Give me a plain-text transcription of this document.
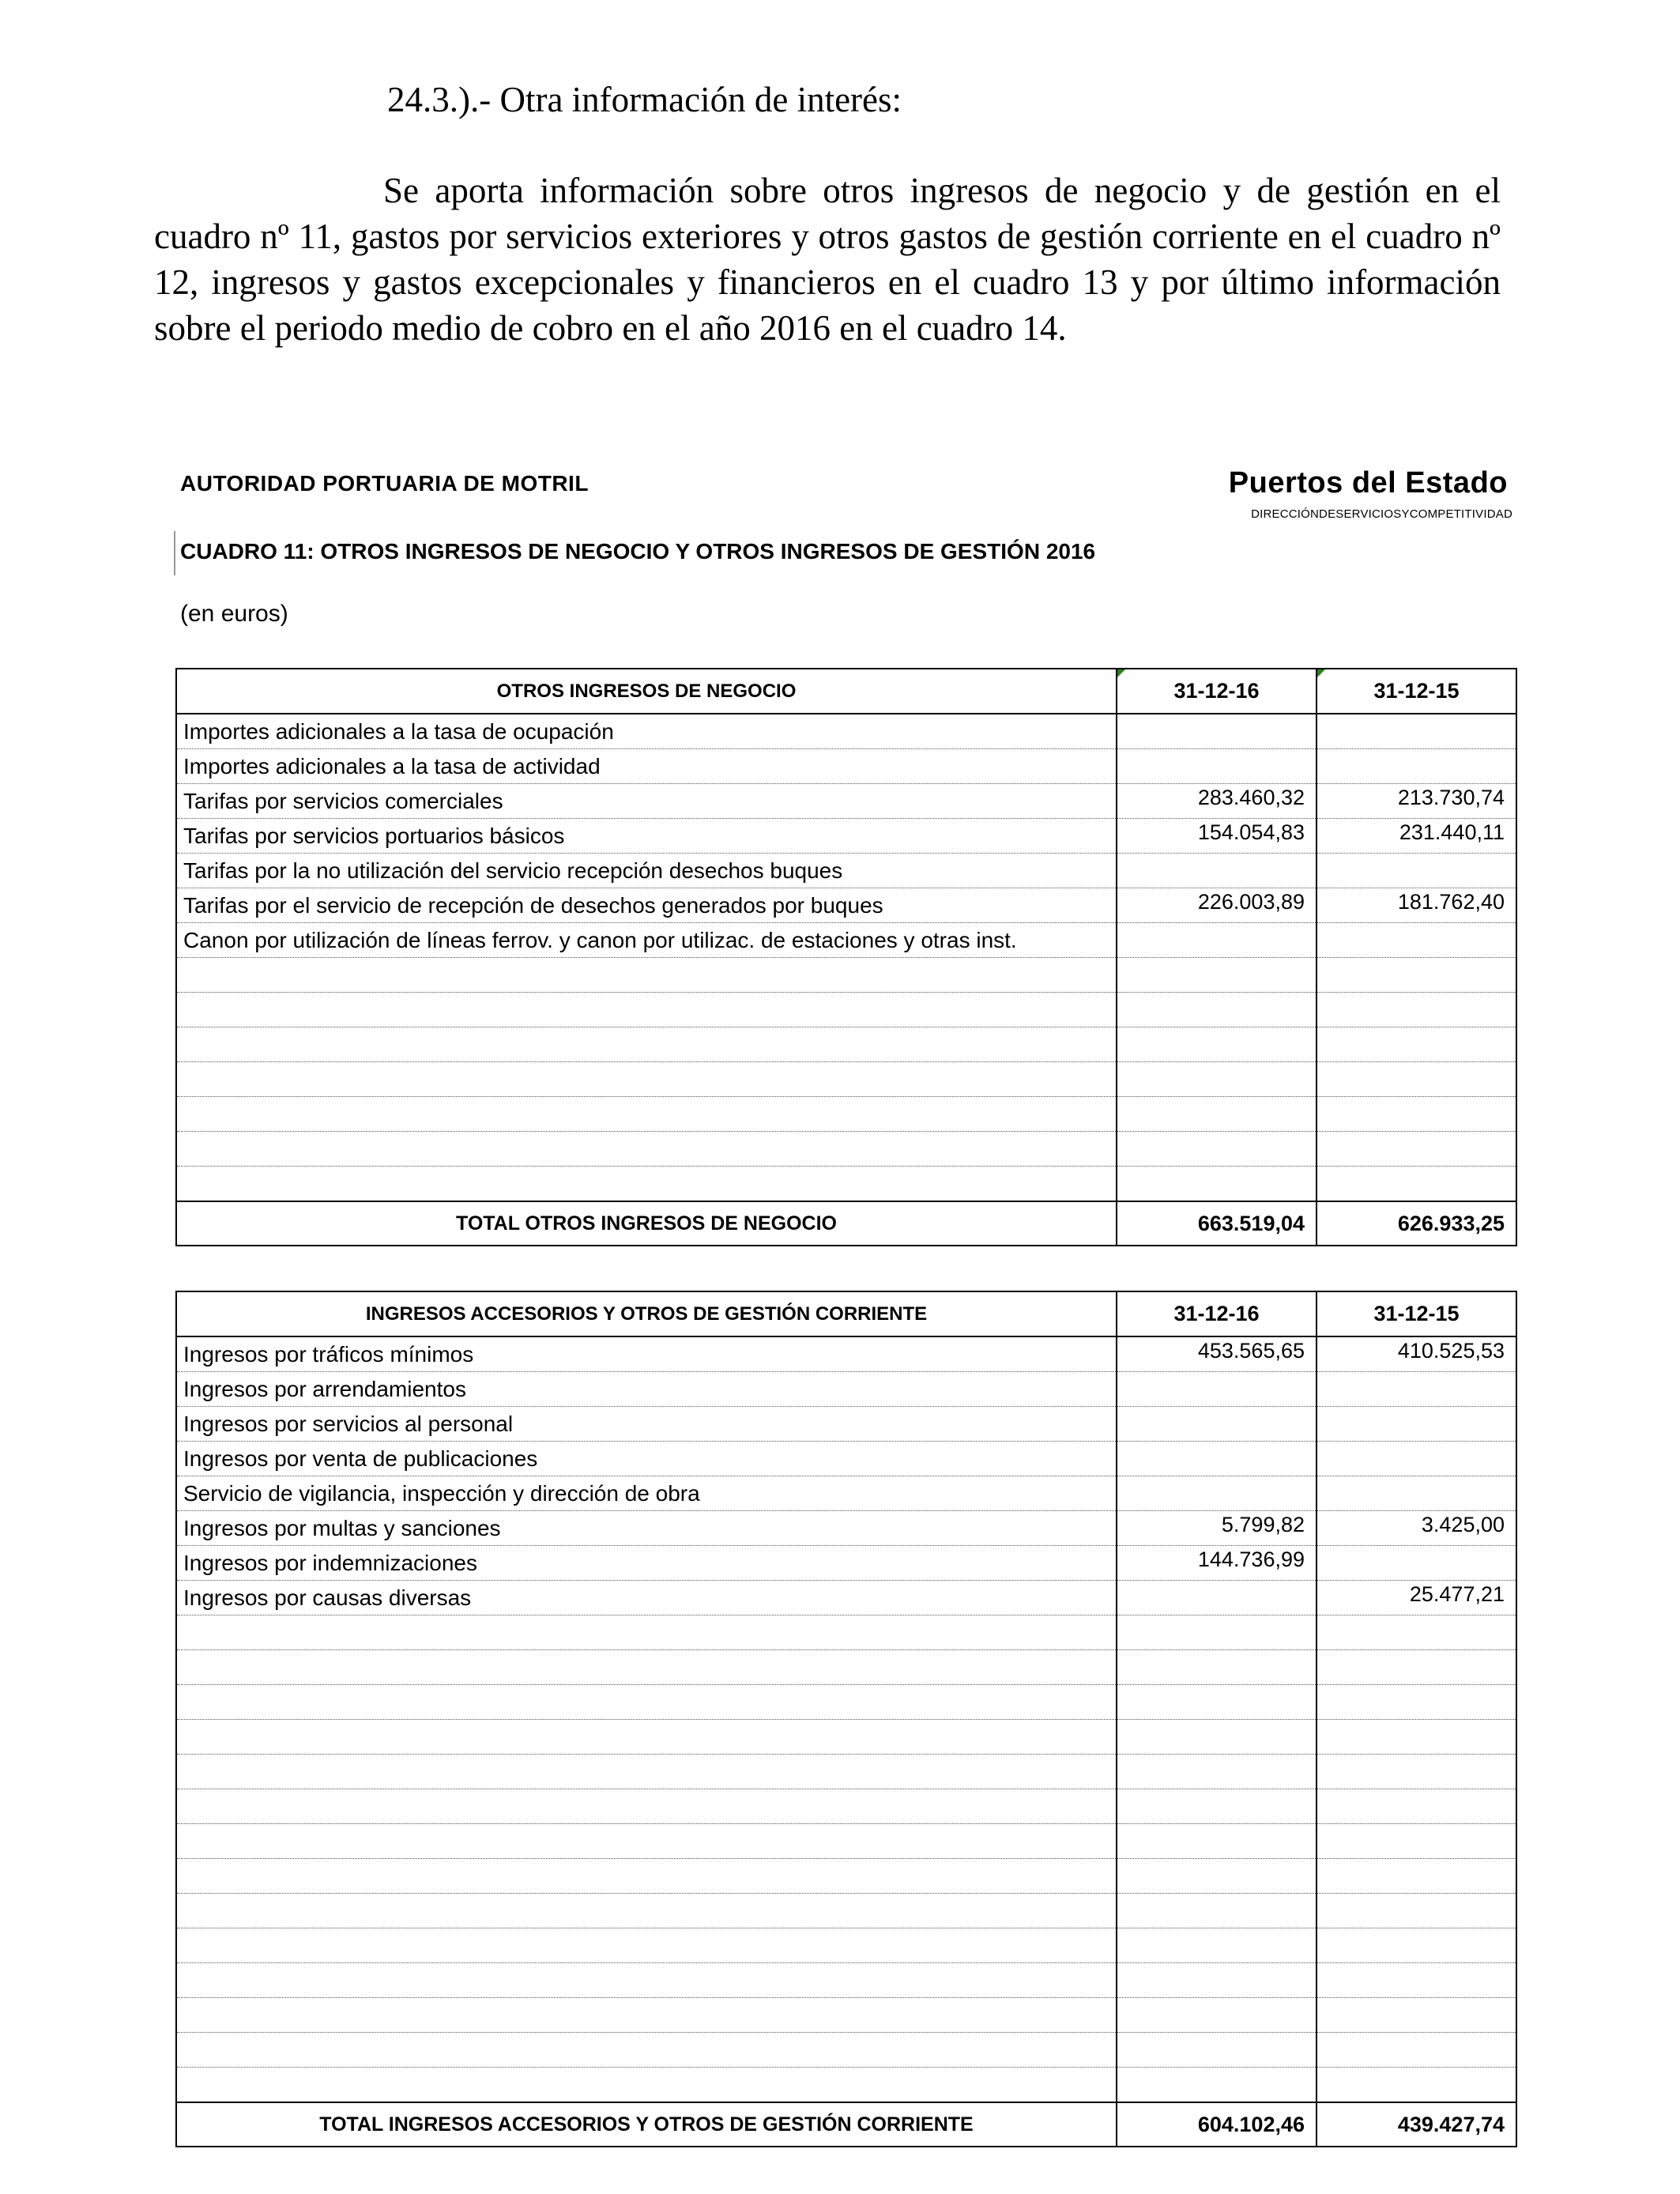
24.3.).- Otra información de interés:
Se aporta información sobre otros ingresos de negocio y de gestión en el cuadro nº 11, gastos por servicios exteriores y otros gastos de gestión corriente en el cuadro nº 12, ingresos y gastos excepcionales y financieros en el cuadro 13 y por último información sobre el periodo medio de cobro en el año 2016 en el cuadro 14.
AUTORIDAD PORTUARIA DE MOTRIL	Puertos del Estado
DIRECCIÓNDESERVICIOSYCOMPETITIVIDAD
CUADRO 11: OTROS INGRESOS DE NEGOCIO Y OTROS INGRESOS DE GESTIÓN 2016
(en euros)
OTROS INGRESOS DE NEGOCIO	31-12-16	31-12-15
Importes adicionales a la tasa de ocupación		
Importes adicionales a la tasa de actividad		
Tarifas por servicios comerciales	283.460,32	213.730,74
Tarifas por servicios portuarios básicos	154.054,83	231.440,11
Tarifas por la no utilización del servicio recepción desechos buques		
Tarifas por el servicio de recepción de desechos generados por buques	226.003,89	181.762,40
Canon por utilización de líneas ferrov. y canon por utilizac. de estaciones y otras inst.		

TOTAL OTROS INGRESOS DE NEGOCIO	663.519,04	626.933,25
INGRESOS ACCESORIOS Y OTROS DE GESTIÓN CORRIENTE	31-12-16	31-12-15
Ingresos por tráficos mínimos	453.565,65	410.525,53
Ingresos por arrendamientos		
Ingresos por servicios al personal		
Ingresos por venta de publicaciones		
Servicio de vigilancia, inspección y dirección de obra		
Ingresos por multas y sanciones	5.799,82	3.425,00
Ingresos por indemnizaciones	144.736,99	
Ingresos por causas diversas		25.477,21

TOTAL INGRESOS ACCESORIOS Y OTROS DE GESTIÓN CORRIENTE	604.102,46	439.427,74
